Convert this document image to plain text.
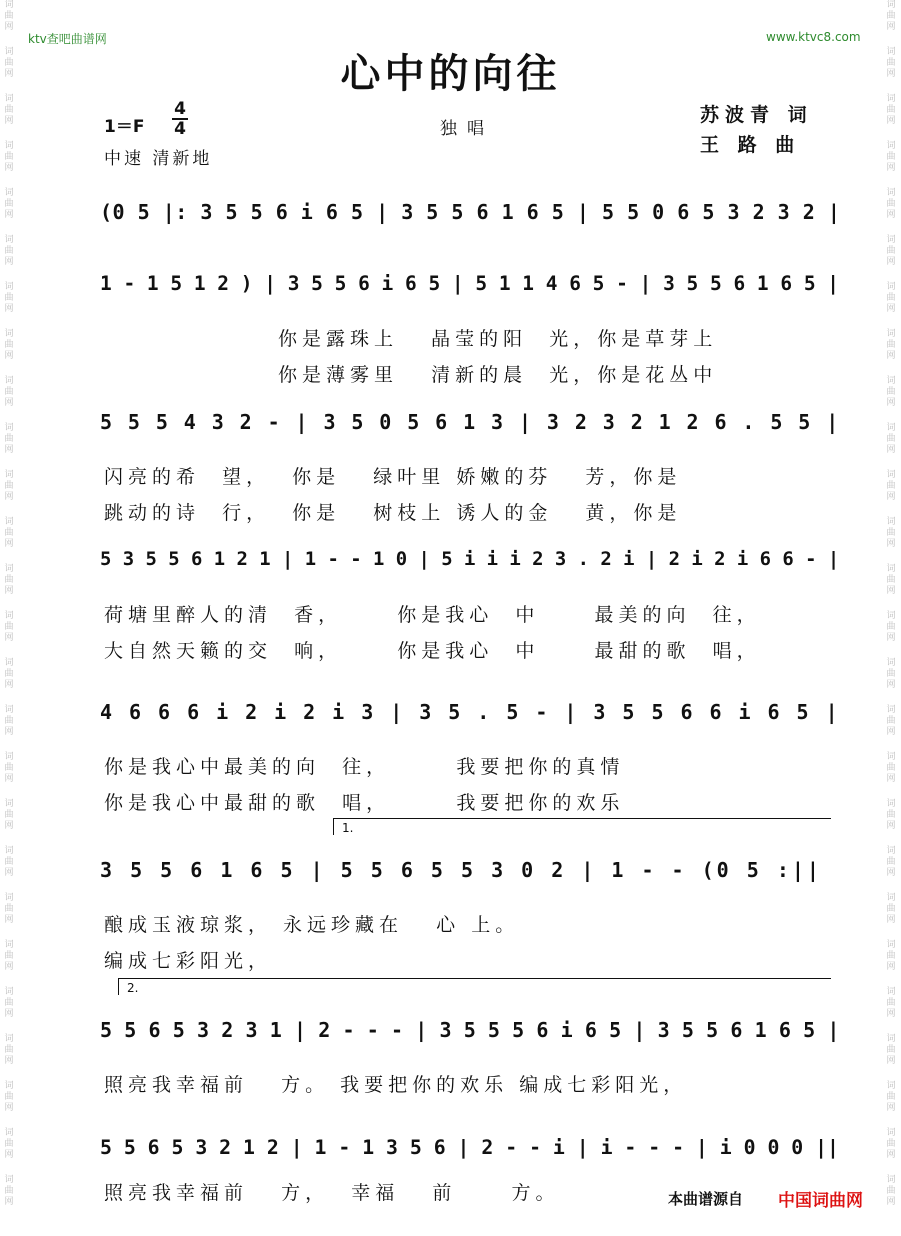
词
曲
网
词
曲
网
词
曲
网
词
曲
网
词
曲
网
词
曲
网
词
曲
网
词
曲
网
词
曲
网
词
曲
网
词
曲
网
词
曲
网
词
曲
网
词
曲
网
词
曲
网
词
曲
网
词
曲
网
词
曲
网
词
曲
网
词
曲
网
词
曲
网
词
曲
网
词
曲
网
词
曲
网
词
曲
网
词
曲
网
词
曲
网
词
曲
网
词
曲
网
词
曲
网
词
曲
网
词
曲
网
词
曲
网
词
曲
网
词
曲
网
词
曲
网
词
曲
网
词
曲
网
词
曲
网
词
曲
网
词
曲
网
词
曲
网
词
曲
网
词
曲
网
词
曲
网
词
曲
网
词
曲
网
词
曲
网
词
曲
网
词
曲
网
词
曲
网
词
曲
网
ktv查吧曲谱网	www.ktvc8.com
心中的向往
1＝F
4
4
中速 清新地
独唱
苏波青 词
王 路 曲
(0 5 |: 3 5 5 6 i 6 5 | 3 5 5 6 1 6 5 | 5 5 0 6 5 3 2 3 2 |
1 - 1 5 1 2 ) | 3 5 5 6 i 6 5 | 5 1 1 4 6 5 - | 3 5 5 6 1 6 5 |
你是露珠上   晶莹的阳  光，你是草芽上
你是薄雾里   清新的晨  光，你是花丛中
5 5 5 4 3 2 - | 3 5 0 5 6 1 3 | 3 2 3 2 1 2 6 . 5 5 |
闪亮的希  望，  你是   绿叶里 娇嫩的芬   芳，你是
跳动的诗  行，  你是   树枝上 诱人的金   黄，你是
5 3 5 5 6 1 2 1 | 1 - - 1 0 | 5 i i i 2 3 . 2 i | 2 i 2 i 6 6 - |
荷塘里醉人的清  香，     你是我心  中     最美的向  往，
大自然天籁的交  响，     你是我心  中     最甜的歌  唱，
4 6 6 6 i 2 i 2 i 3 | 3 5 . 5 - | 3 5 5 6 6 i 6 5 |
你是我心中最美的向  往，      我要把你的真情
你是我心中最甜的歌  唱，      我要把你的欢乐
1.
3 5 5 6 1 6 5 | 5 5 6 5 5 3 0 2 | 1 - - (0 5 :||
酿成玉液琼浆， 永远珍藏在   心 上。
编成七彩阳光，
2.
5 5 6 5 3 2 3 1 | 2 - - - | 3 5 5 5 6 i 6 5 | 3 5 5 6 1 6 5 |
照亮我幸福前   方。 我要把你的欢乐 编成七彩阳光，
5 5 6 5 3 2 1 2 | 1 - 1 3 5 6 | 2 - - i | i - - - | i 0 0 0 ||
照亮我幸福前   方，  幸福   前     方。	本曲谱源自 中国词曲网
